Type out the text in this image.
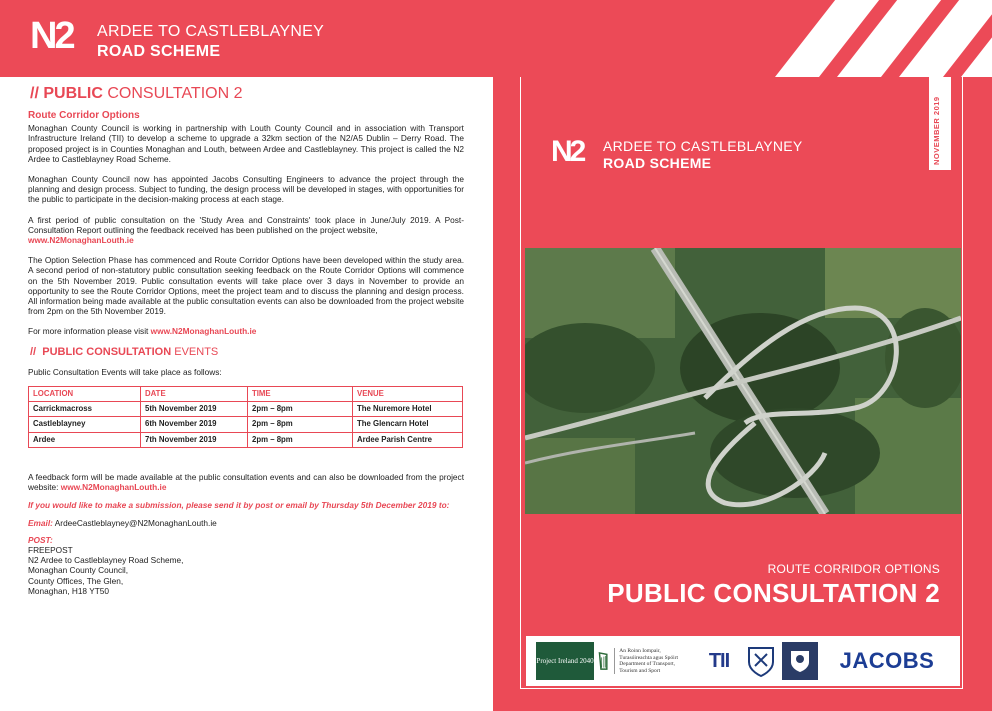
N2 ARDEE TO CASTLEBLAYNEY
ROAD SCHEME
// PUBLIC CONSULTATION 2
Route Corridor Options

Monaghan County Council is working in partnership with Louth County Council and in association with Transport Infrastructure Ireland (TII) to develop a scheme to upgrade a 32km section of the N2/A5 Dublin – Derry Road. The proposed project is in Counties Monaghan and Louth, between Ardee and Castleblayney. This project is called the N2 Ardee to Castleblayney Road Scheme.

Monaghan County Council now has appointed Jacobs Consulting Engineers to advance the project through the planning and design process. Subject to funding, the design process will be developed in stages, with opportunities for the public to participate in the decision-making process at each stage.

A first period of public consultation on the 'Study Area and Constraints' took place in June/July 2019. A Post-Consultation Report outlining the feedback received has been published on the project website,
www.N2MonaghanLouth.ie

The Option Selection Phase has commenced and Route Corridor Options have been developed within the study area. A second period of non-statutory public consultation seeking feedback on the Route Corridor Options will commence on the 5th November 2019. Public consultation events will take place over 3 days in November to provide an opportunity to see the Route Corridor Options, meet the project team and to discuss the planning and design process. All information being made available at the public consultation events can also be downloaded from the project website from 2pm on the 5th November 2019.

For more information please visit www.N2MonaghanLouth.ie

// PUBLIC CONSULTATION EVENTS

Public Consultation Events will take place as follows:

LOCATION	DATE	TIME	VENUE
Carrickmacross	5th November 2019	2pm – 8pm	The Nuremore Hotel
Castleblayney	6th November 2019	2pm – 8pm	The Glencarn Hotel
Ardee	7th November 2019	2pm – 8pm	Ardee Parish Centre

A feedback form will be made available at the public consultation events and can also be downloaded from the project website: www.N2MonaghanLouth.ie

If you would like to make a submission, please send it by post or email by Thursday 5th December 2019 to:

Email: ArdeeCastleblayney@N2MonaghanLouth.ie

POST:

FREEPOST
N2 Ardee to Castleblayney Road Scheme,
Monaghan County Council,
County Offices, The Glen,
Monaghan, H18 YT50
NOVEMBER 2019
N2 ARDEE TO CASTLEBLAYNEY
ROAD SCHEME
ROUTE CORRIDOR OPTIONS
PUBLIC CONSULTATION 2
Project Ireland 2040
An Roinn Iompair, Turasóireachta agus Spóirt
Department of Transport, Tourism and Sport	TII	JACOBS
